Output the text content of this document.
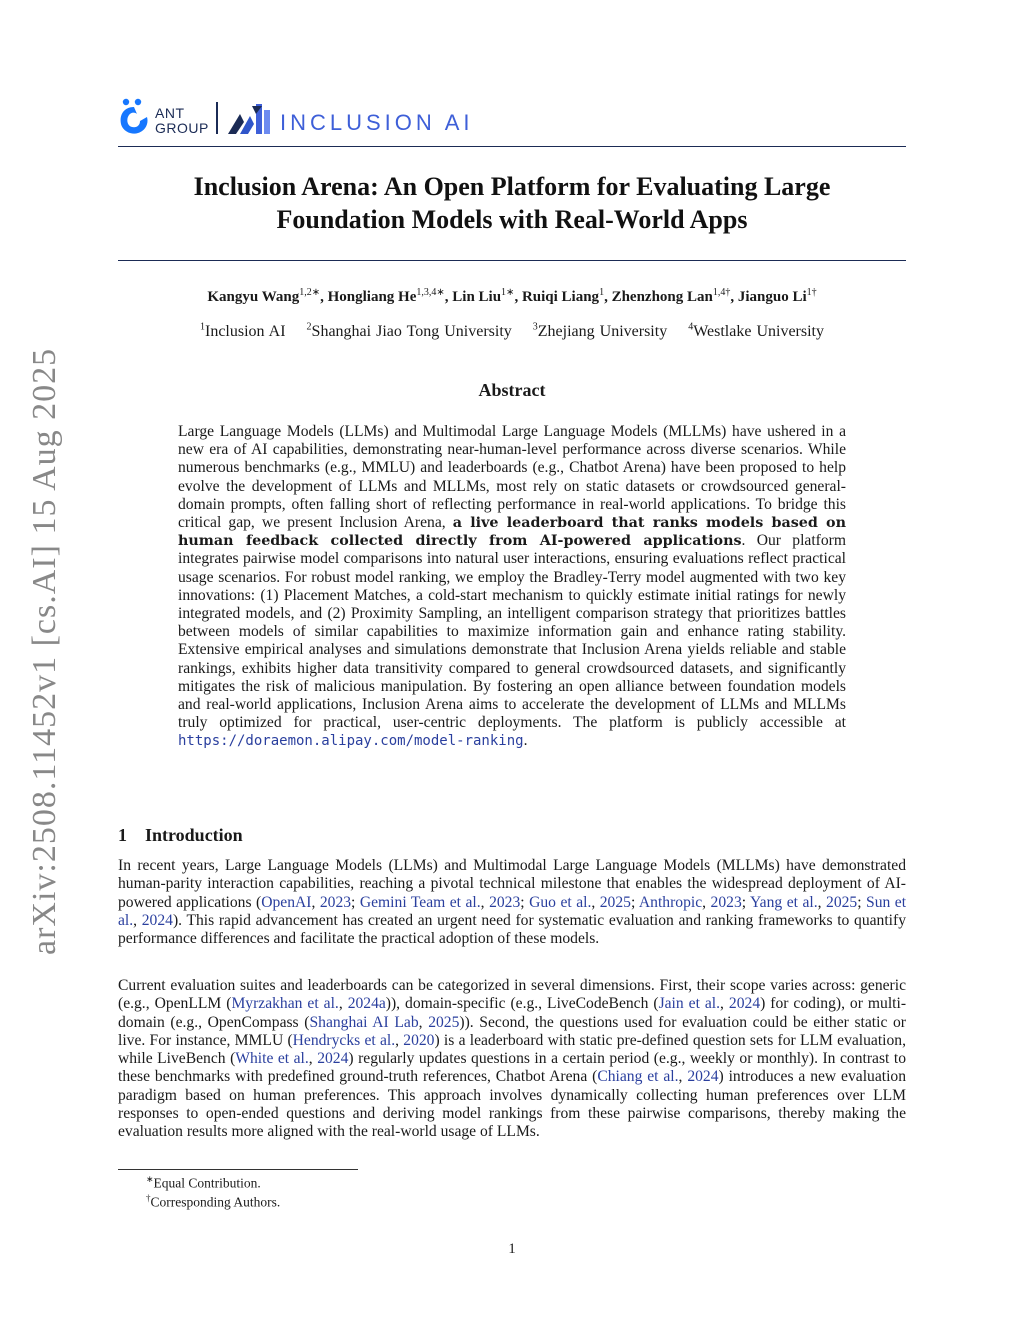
ANT
GROUP	INCLUSION AI
Inclusion Arena: An Open Platform for Evaluating Large
Foundation Models with Real-World Apps
Kangyu Wang$^{1,2∗}$, Hongliang $He^{1,3,4∗}$, Lin Liu$^{1∗}$, Ruiqi Liang$^1$, Zhenzhong Lan$^{1,4\dagger}$, Jianguo $Li^{1\dagger}$
$^1$Inclusion AI $^2$Shanghai Jiao Tong University $^3$Zhejiang University $^4$Westlake University
arXiv:2508.11452v1 [cs.AI] 15 Aug 2025	Abstract
Large Language Models (LLMs) and Multimodal Large Language Models (MLLMs) have ushered in a new era of AI capabilities, demonstrating near-human-level performance across diverse scenarios. While numerous benchmarks (e.g., MMLU) and leaderboards (e.g., Chatbot Arena) have been proposed to help evolve the development of LLMs and MLLMs, most rely on static datasets or crowdsourced general-domain prompts, often falling short of reflecting performance in real-world applications. To bridge this critical gap, we present Inclusion Arena, a live leaderboard that ranks models based on human feedback collected directly from AI-powered applications. Our platform integrates pairwise model comparisons into natural user interactions, ensuring evaluations reflect practical usage scenarios. For robust model ranking, we employ the Bradley-Terry model augmented with two key innovations: (1) Placement Matches, a cold-start mechanism to quickly estimate initial ratings for newly integrated models, and (2) Proximity Sampling, an intelligent comparison strategy that prioritizes battles between models of similar capabilities to maximize information gain and enhance rating stability. Extensive empirical analyses and simulations demonstrate that Inclusion Arena yields reliable and stable rankings, exhibits higher data transitivity compared to general crowdsourced datasets, and significantly mitigates the risk of malicious manipulation. By fostering an open alliance between foundation models and real-world applications, Inclusion Arena aims to accelerate the development of LLMs and MLLMs truly optimized for practical, user-centric deployments. The platform is publicly accessible at https://doraemon.alipay.com/model-ranking.
1 Introduction
In recent years, Large Language Models (LLMs) and Multimodal Large Language Models (MLLMs) have demonstrated human-parity interaction capabilities, reaching a pivotal technical milestone that enables the widespread deployment of AI-powered applications (OpenAI, 2023; Gemini Team et al., 2023; Guo et al., 2025; Anthropic, 2023; Yang et al., 2025; Sun et al., 2024). This rapid advancement has created an urgent need for systematic evaluation and ranking frameworks to quantify performance differences and facilitate the practical adoption of these models.
Current evaluation suites and leaderboards can be categorized in several dimensions. First, their scope varies across: generic (e.g., OpenLLM (Myrzakhan et al., 2024a)), domain-specific (e.g., LiveCodeBench (Jain et al., 2024) for coding), or multi-domain (e.g., OpenCompass (Shanghai AI Lab, 2025)). Second, the questions used for evaluation could be either static or live. For instance, MMLU (Hendrycks et al., 2020) is a leaderboard with static pre-defined question sets for LLM evaluation, while LiveBench (White et al., 2024) regularly updates questions in a certain period (e.g., weekly or monthly). In contrast to these benchmarks with predefined ground-truth references, Chatbot Arena (Chiang et al., 2024) introduces a new evaluation paradigm based on human preferences. This approach involves dynamically collecting human preferences over LLM responses to open-ended questions and deriving model rankings from these pairwise comparisons, thereby making the evaluation results more aligned with the real-world usage of LLMs.
∗Equal Contribution.
†Corresponding Authors.
1
